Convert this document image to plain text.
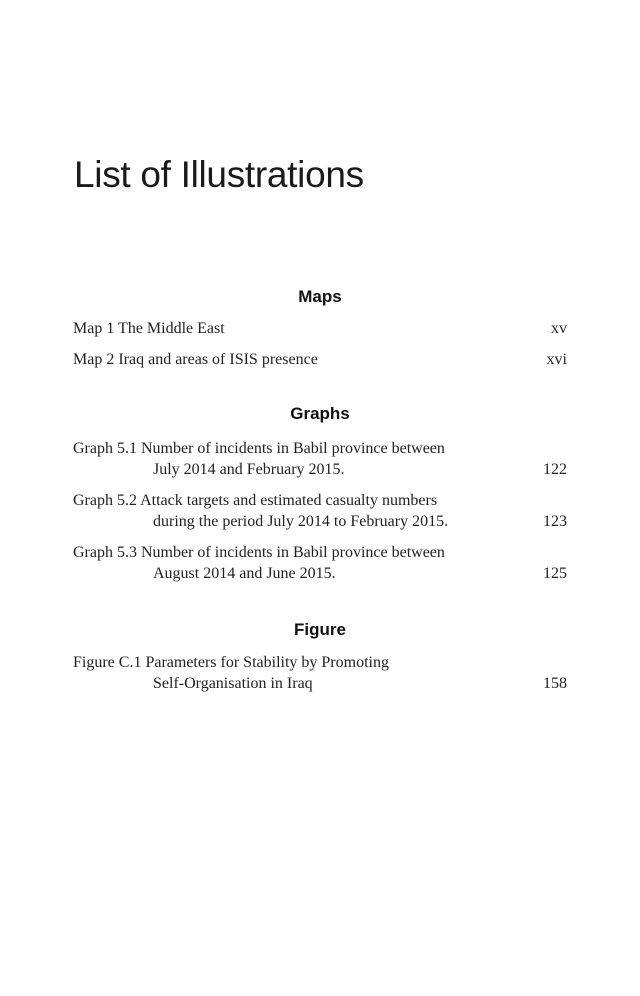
List of Illustrations
Maps
Map 1 The Middle East	xv
Map 2 Iraq and areas of ISIS presence	xvi
Graphs
Graph 5.1 Number of incidents in Babil province between
July 2014 and February 2015.	122
Graph 5.2 Attack targets and estimated casualty numbers
during the period July 2014 to February 2015.	123
Graph 5.3 Number of incidents in Babil province between
August 2014 and June 2015.	125
Figure
Figure C.1 Parameters for Stability by Promoting
Self-Organisation in Iraq	158
